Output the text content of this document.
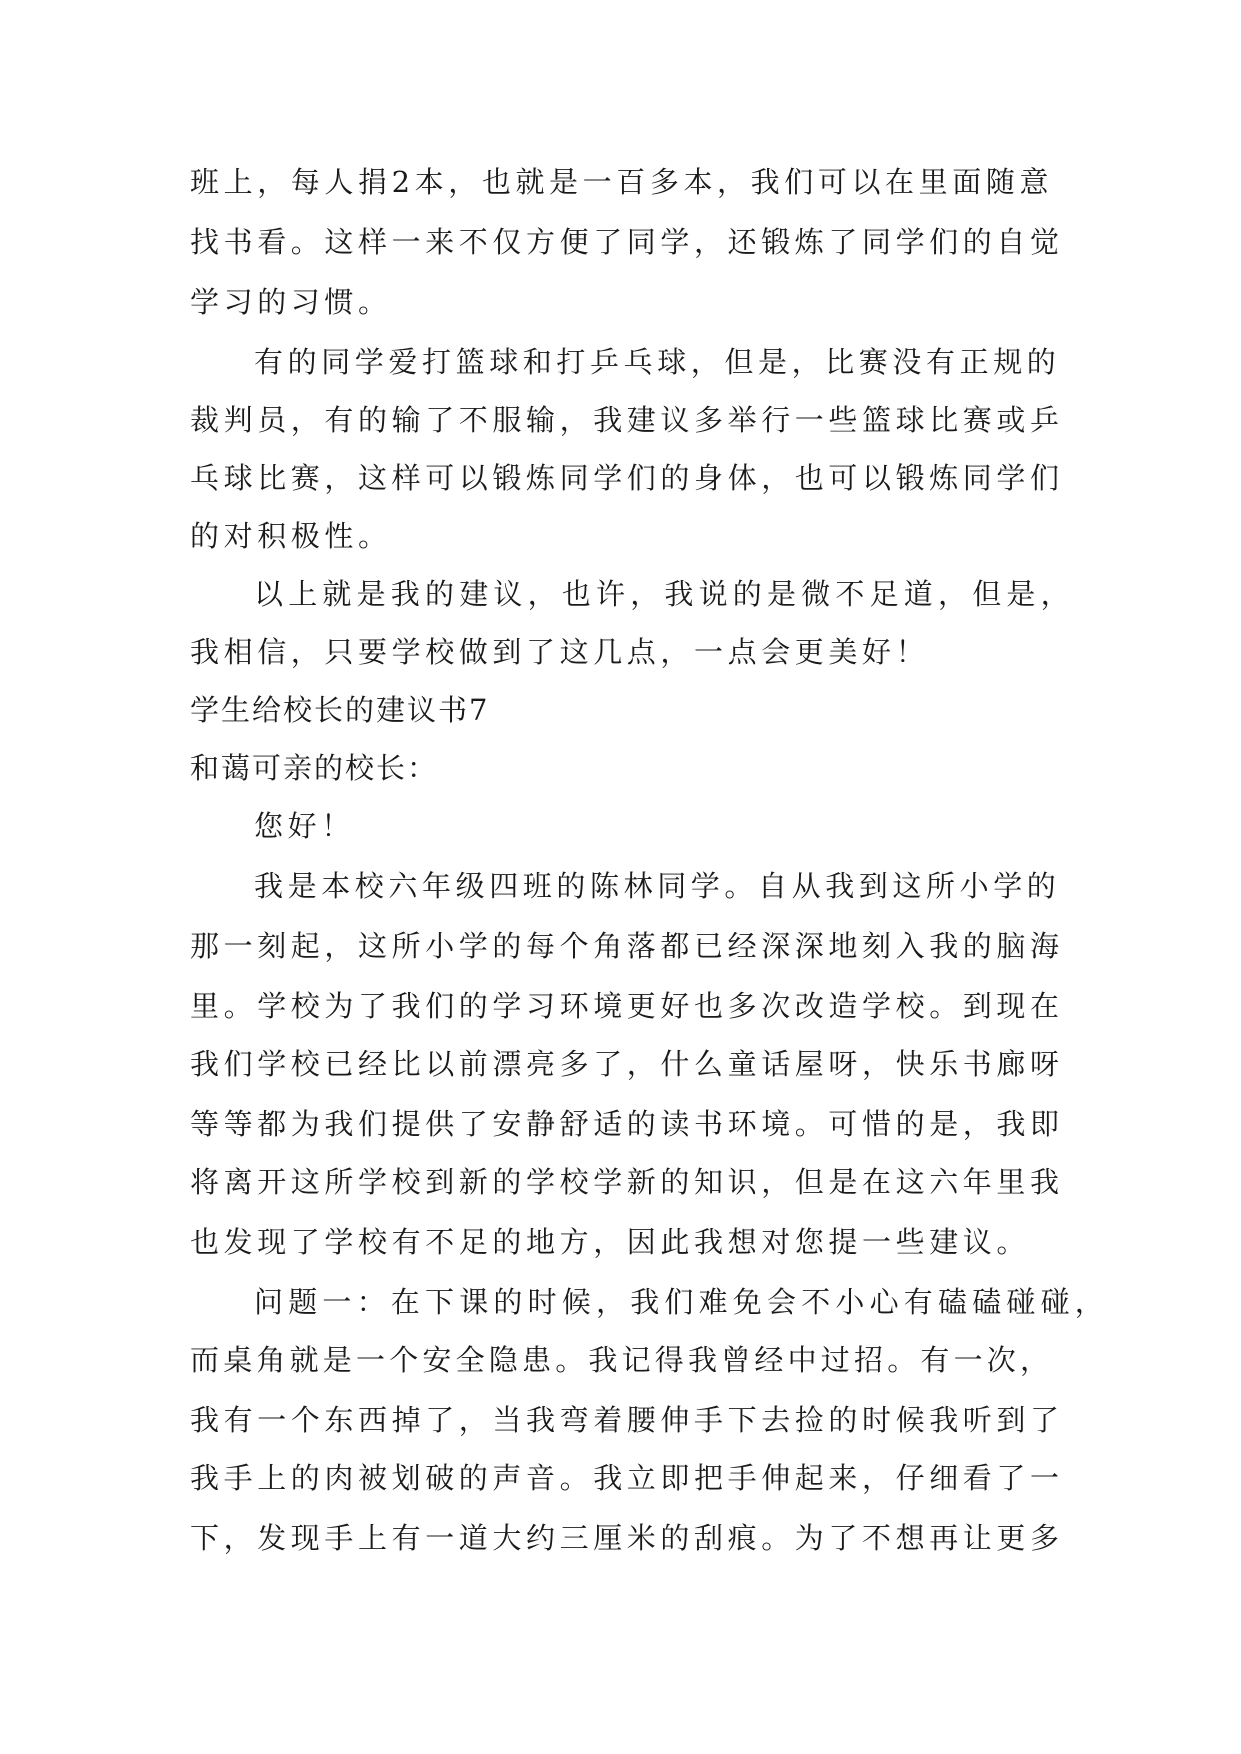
班上，每人捐2本，也就是一百多本，我们可以在里面随意
找书看。这样一来不仅方便了同学，还锻炼了同学们的自觉
学习的习惯。
有的同学爱打篮球和打乒乓球，但是，比赛没有正规的
裁判员，有的输了不服输，我建议多举行一些篮球比赛或乒
乓球比赛，这样可以锻炼同学们的身体，也可以锻炼同学们
的对积极性。
以上就是我的建议，也许，我说的是微不足道，但是，
我相信，只要学校做到了这几点，一点会更美好！
学生给校长的建议书7
和蔼可亲的校长：
您好！
我是本校六年级四班的陈林同学。自从我到这所小学的
那一刻起，这所小学的每个角落都已经深深地刻入我的脑海
里。学校为了我们的学习环境更好也多次改造学校。到现在
我们学校已经比以前漂亮多了，什么童话屋呀，快乐书廊呀
等等都为我们提供了安静舒适的读书环境。可惜的是，我即
将离开这所学校到新的学校学新的知识，但是在这六年里我
也发现了学校有不足的地方，因此我想对您提一些建议。
问题一：在下课的时候，我们难免会不小心有磕磕碰碰，
而桌角就是一个安全隐患。我记得我曾经中过招。有一次，
我有一个东西掉了，当我弯着腰伸手下去捡的时候我听到了
我手上的肉被划破的声音。我立即把手伸起来，仔细看了一
下，发现手上有一道大约三厘米的刮痕。为了不想再让更多
